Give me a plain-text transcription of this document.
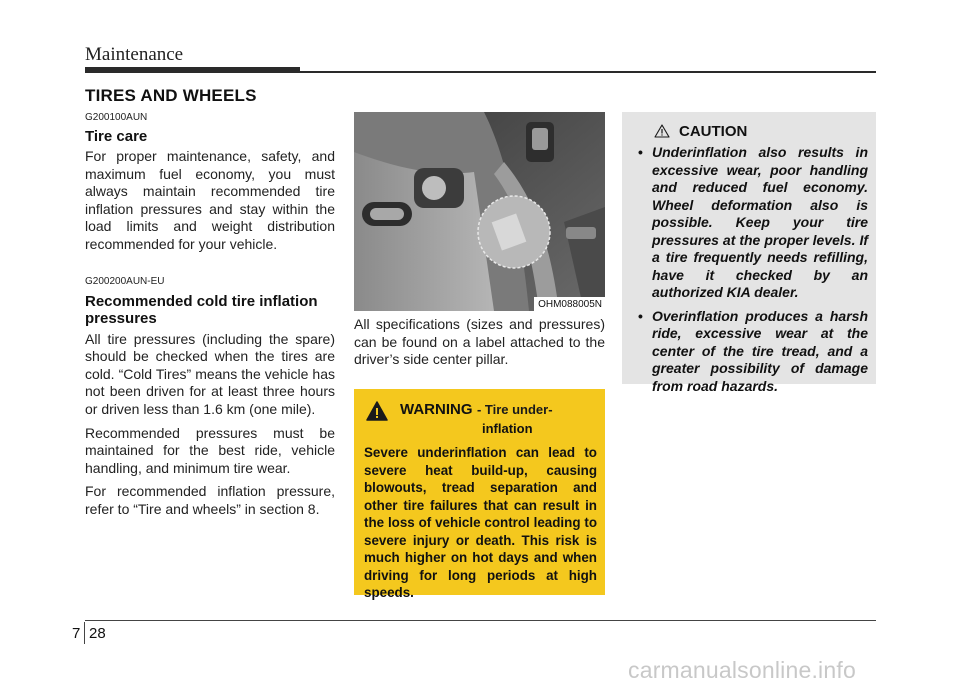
Maintenance
TIRES AND WHEELS
G200100AUN
Tire care

For proper maintenance, safety, and maximum fuel economy, you must always maintain recommended tire inflation pressures and stay within the load limits and weight distribution recommended for your vehicle.

G200200AUN-EU
Recommended cold tire inflation pressures

All tire pressures (including the spare) should be checked when the tires are cold. “Cold Tires” means the vehicle has not been driven for at least three hours or driven less than 1.6 km (one mile).

Recommended pressures must be maintained for the best ride, vehicle handling, and minimum tire wear.

For recommended inflation pressure, refer to “Tire and wheels” in section 8.

OHM088005N

All specifications (sizes and pressures) can be found on a label attached to the driver’s side center pillar.

WARNING - Tire under-
inflation

Severe underinflation can lead to severe heat build-up, causing blowouts, tread separation and other tire failures that can result in the loss of vehicle control leading to severe injury or death. This risk is much higher on hot days and when driving for long periods at high speeds.

CAUTION
• Underinflation also results in excessive wear, poor handling and reduced fuel economy. Wheel deformation also is possible. Keep your tire pressures at the proper levels. If a tire frequently needs refilling, have it checked by an authorized KIA dealer.
• Overinflation produces a harsh ride, excessive wear at the center of the tire tread, and a greater possibility of damage from road hazards.
7 28
carmanualsonline.info
